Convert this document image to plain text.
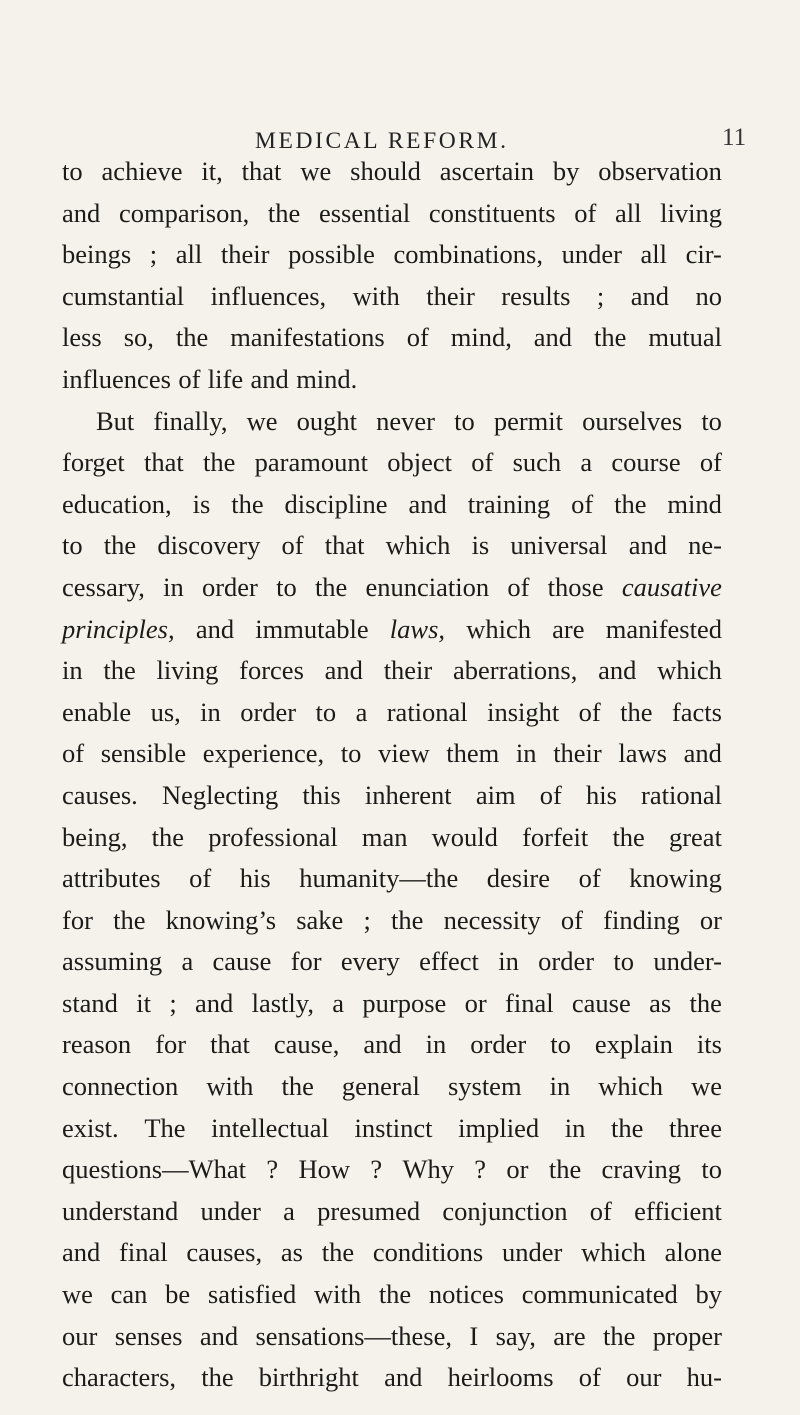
MEDICAL REFORM.	11
to achieve it, that we should ascertain by observation
and comparison, the essential constituents of all living
beings ; all their possible combinations, under all cir-
cumstantial influences, with their results ; and no
less so, the manifestations of mind, and the mutual
influences of life and mind.
But finally, we ought never to permit ourselves to
forget that the paramount object of such a course of
education, is the discipline and training of the mind
to the discovery of that which is universal and ne-
cessary, in order to the enunciation of those causative
principles, and immutable laws, which are manifested
in the living forces and their aberrations, and which
enable us, in order to a rational insight of the facts
of sensible experience, to view them in their laws and
causes. Neglecting this inherent aim of his rational
being, the professional man would forfeit the great
attributes of his humanity—the desire of knowing
for the knowing’s sake ; the necessity of finding or
assuming a cause for every effect in order to under-
stand it ; and lastly, a purpose or final cause as the
reason for that cause, and in order to explain its
connection with the general system in which we
exist. The intellectual instinct implied in the three
questions—What ? How ? Why ? or the craving to
understand under a presumed conjunction of efficient
and final causes, as the conditions under which alone
we can be satisfied with the notices communicated by
our senses and sensations—these, I say, are the proper
characters, the birthright and heirlooms of our hu-
